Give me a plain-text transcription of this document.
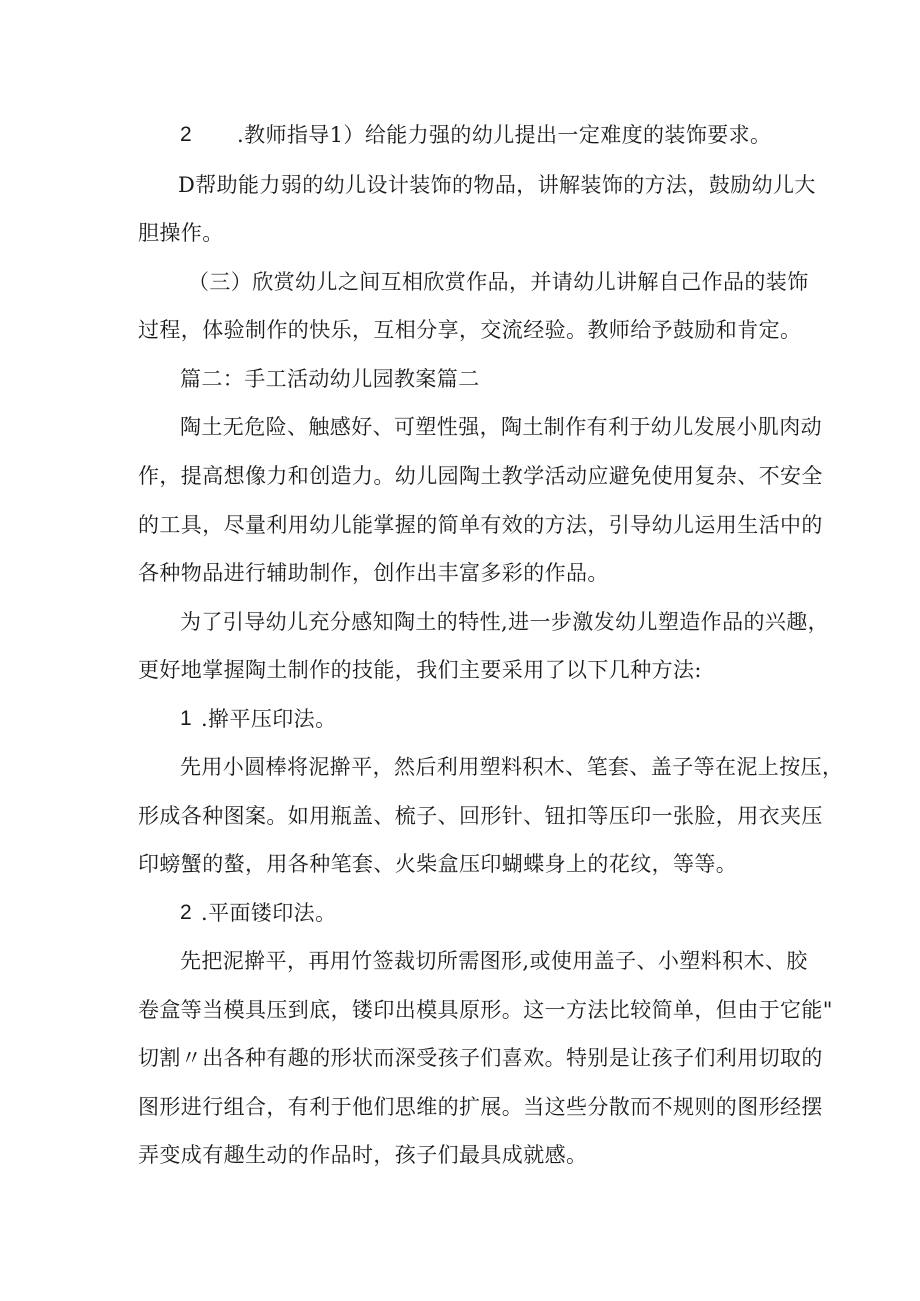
2 .教师指导1）给能力强的幼儿提出一定难度的装饰要求。
D帮助能力弱的幼儿设计装饰的物品，讲解装饰的方法，鼓励幼儿大
胆操作。
（三）欣赏幼儿之间互相欣赏作品，并请幼儿讲解自己作品的装饰
过程，体验制作的快乐，互相分享，交流经验。教师给予鼓励和肯定。
篇二：手工活动幼儿园教案篇二
陶土无危险、触感好、可塑性强，陶土制作有利于幼儿发展小肌肉动
作，提高想像力和创造力。幼儿园陶土教学活动应避免使用复杂、不安全
的工具，尽量利用幼儿能掌握的简单有效的方法，引导幼儿运用生活中的
各种物品进行辅助制作，创作出丰富多彩的作品。
为了引导幼儿充分感知陶土的特性,进一步激发幼儿塑造作品的兴趣，
更好地掌握陶土制作的技能，我们主要采用了以下几种方法:
1 .擀平压印法。
先用小圆棒将泥擀平，然后利用塑料积木、笔套、盖子等在泥上按压，
形成各种图案。如用瓶盖、梳子、回形针、钮扣等压印一张脸，用衣夹压
印螃蟹的螯，用各种笔套、火柴盒压印蝴蝶身上的花纹，等等。
2 .平面镂印法。
先把泥擀平，再用竹签裁切所需图形,或使用盖子、小塑料积木、胶
卷盒等当模具压到底，镂印出模具原形。这一方法比较简单，但由于它能"
切割〃出各种有趣的形状而深受孩子们喜欢。特别是让孩子们利用切取的
图形进行组合，有利于他们思维的扩展。当这些分散而不规则的图形经摆
弄变成有趣生动的作品时，孩子们最具成就感。
